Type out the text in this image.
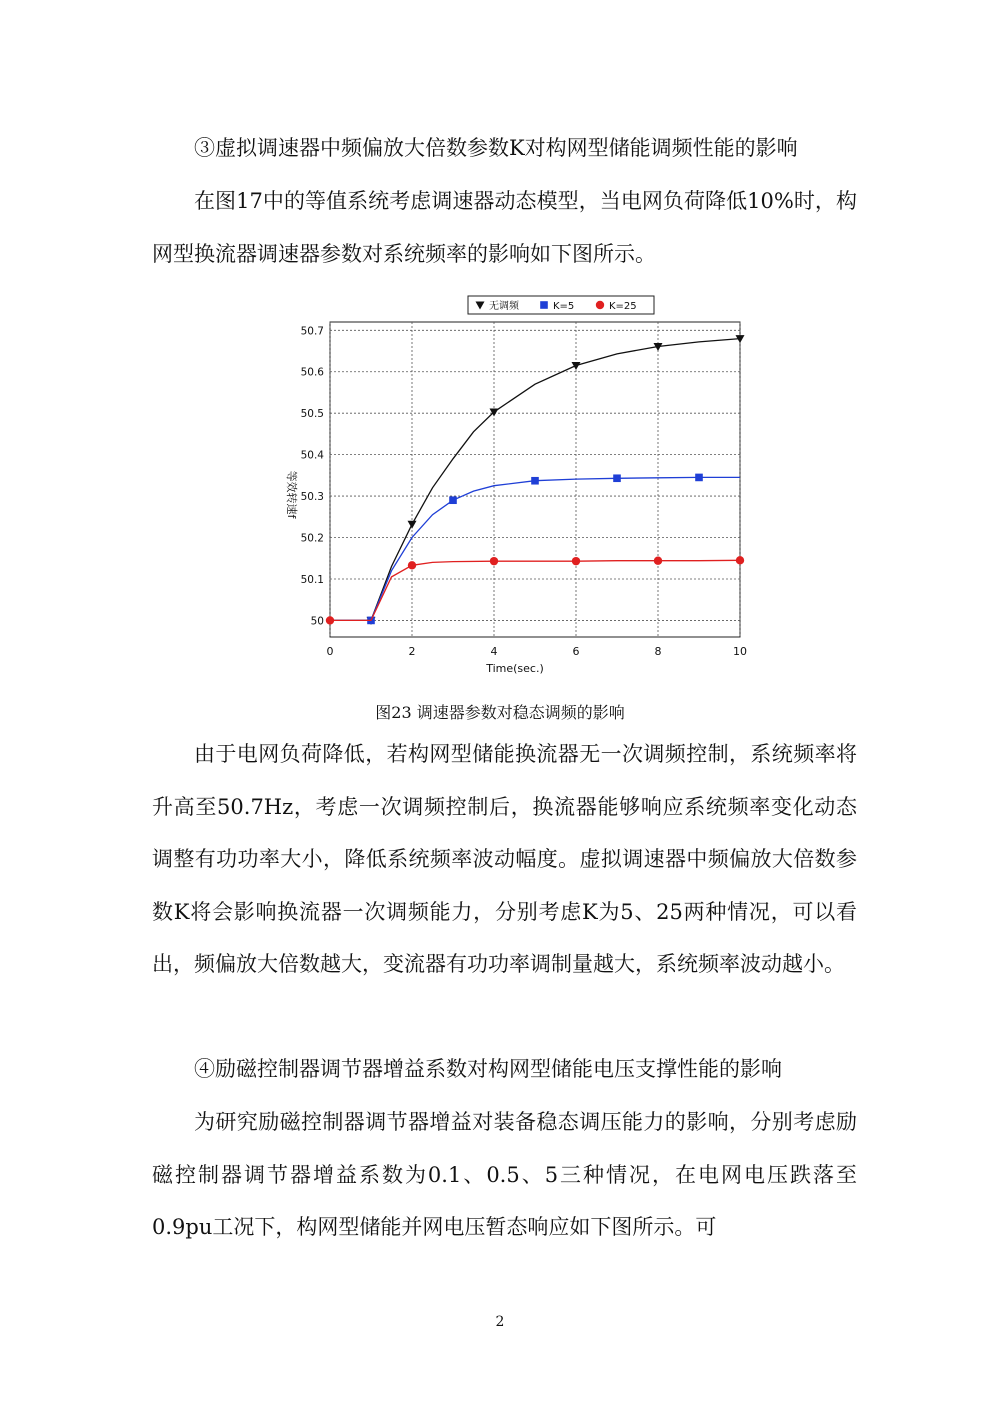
③虚拟调速器中频偏放大倍数参数K对构网型储能调频性能的影响

在图17中的等值系统考虑调速器动态模型，当电网负荷降低10%时，构网型换流器调速器参数对系统频率的影响如下图所示。

0	2	4	6	8	10
50
50.1
50.2
50.3
50.4
50.5
50.6
50.7
Time(sec.)
等效转速f
无调频	K=5	K=25

图23 调速器参数对稳态调频的影响

由于电网负荷降低，若构网型储能换流器无一次调频控制，系统频率将升高至50.7Hz，考虑一次调频控制后，换流器能够响应系统频率变化动态调整有功功率大小，降低系统频率波动幅度。虚拟调速器中频偏放大倍数参数K将会影响换流器一次调频能力，分别考虑K为5、25两种情况，可以看出，频偏放大倍数越大，变流器有功功率调制量越大，系统频率波动越小。

④励磁控制器调节器增益系数对构网型储能电压支撑性能的影响

为研究励磁控制器调节器增益对装备稳态调压能力的影响，分别考虑励磁控制器调节器增益系数为0.1、0.5、5三种情况，在电网电压跌落至0.9pu工况下，构网型储能并网电压暂态响应如下图所示。可

2
